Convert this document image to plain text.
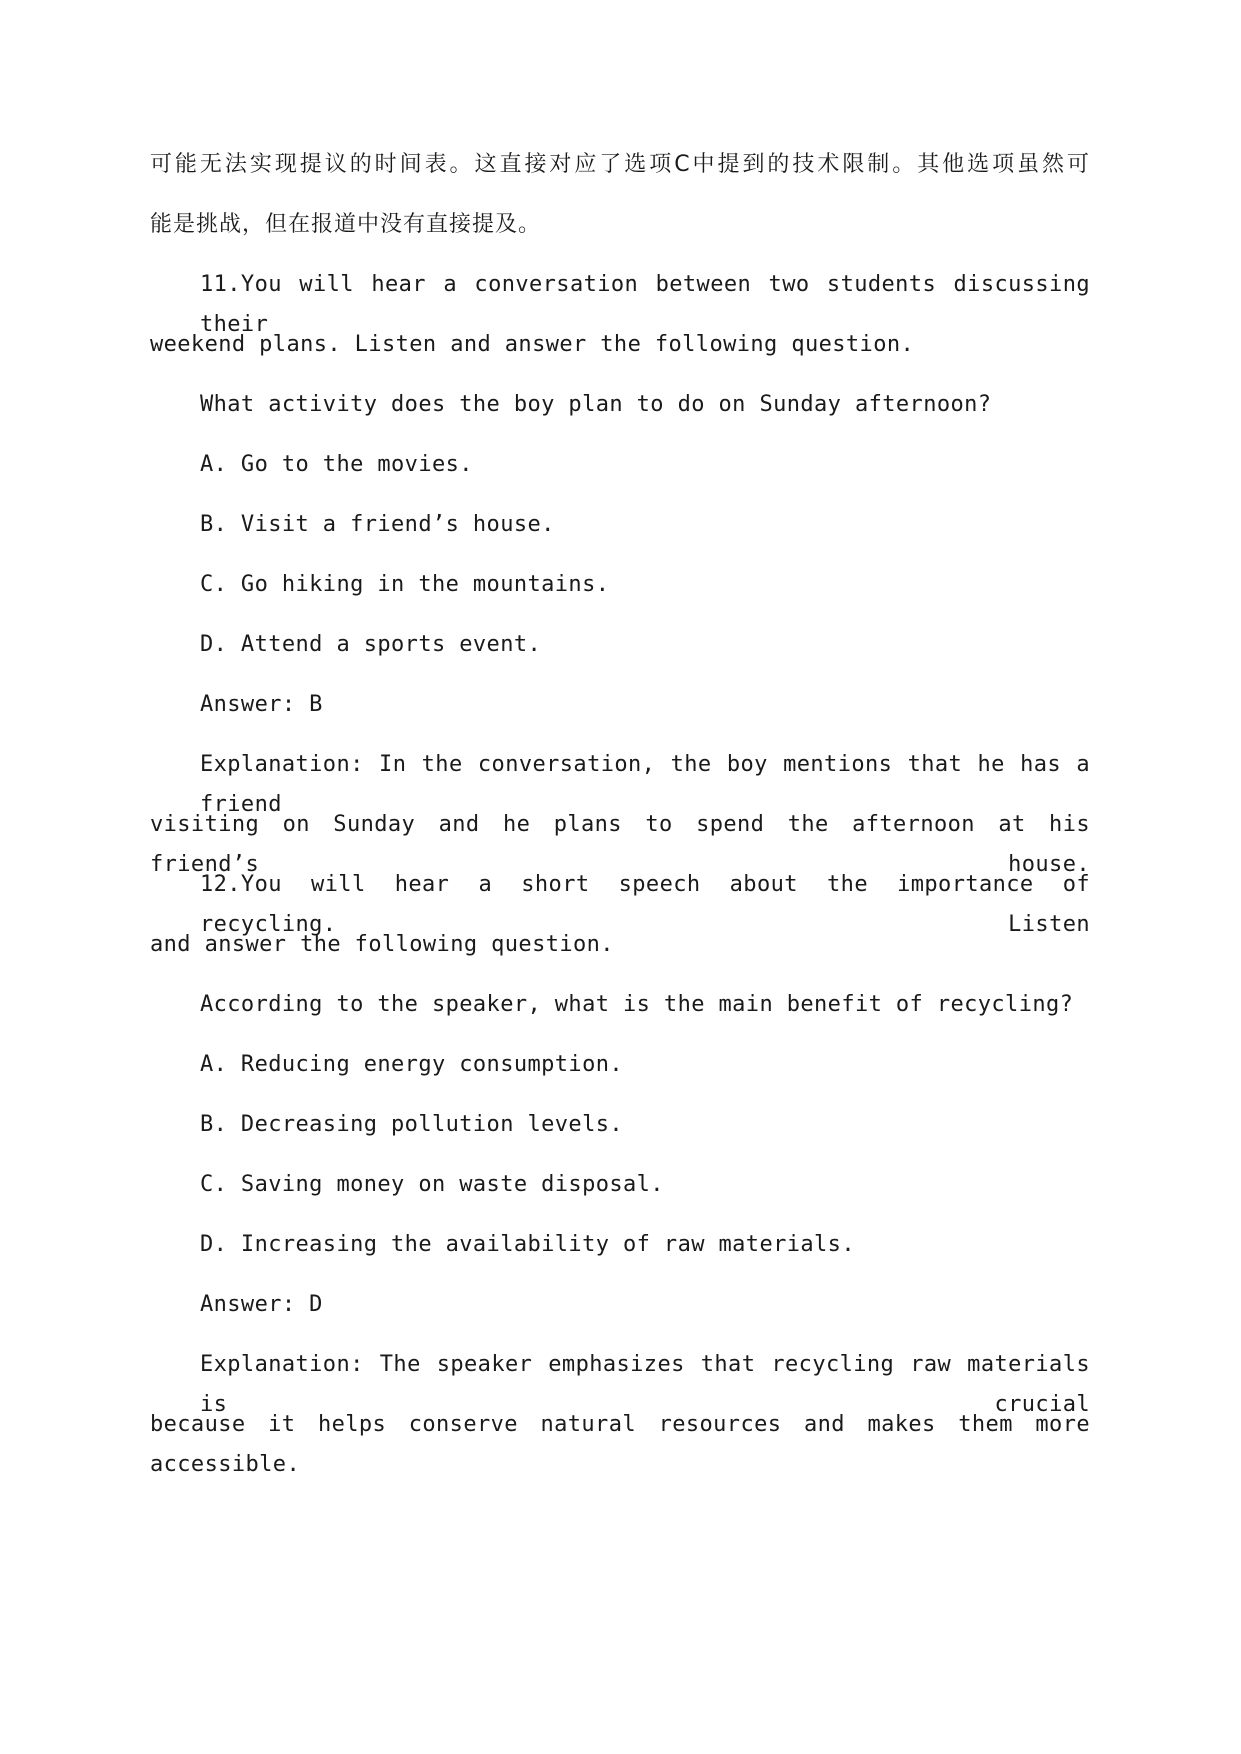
可能无法实现提议的时间表。这直接对应了选项C中提到的技术限制。其他选项虽然可
能是挑战，但在报道中没有直接提及。
11.You will hear a conversation between two students discussing their
weekend plans. Listen and answer the following question.
What activity does the boy plan to do on Sunday afternoon?
A. Go to the movies.
B. Visit a friend’s house.
C. Go hiking in the mountains.
D. Attend a sports event.
Answer: B
Explanation: In the conversation, the boy mentions that he has a friend
visiting on Sunday and he plans to spend the afternoon at his friend’s house.
12.You will hear a short speech about the importance of recycling. Listen
and answer the following question.
According to the speaker, what is the main benefit of recycling?
A. Reducing energy consumption.
B. Decreasing pollution levels.
C. Saving money on waste disposal.
D. Increasing the availability of raw materials.
Answer: D
Explanation: The speaker emphasizes that recycling raw materials is crucial
because it helps conserve natural resources and makes them more accessible.
